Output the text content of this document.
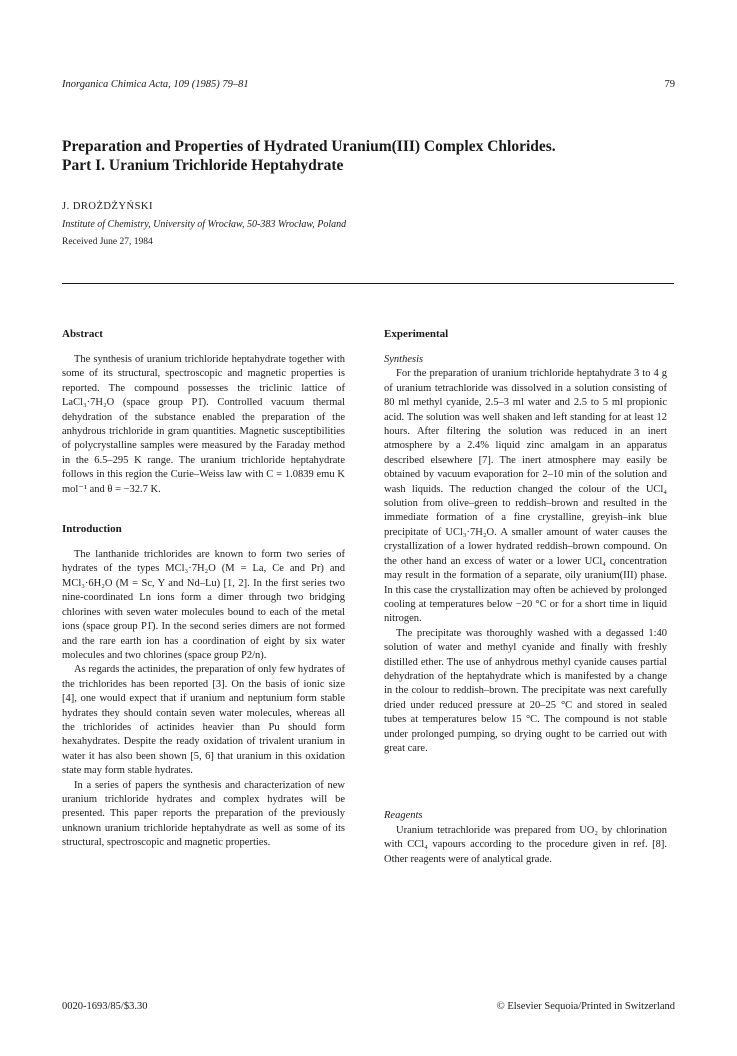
Inorganica Chimica Acta, 109 (1985) 79–81	79
Preparation and Properties of Hydrated Uranium(III) Complex Chlorides.
Part I. Uranium Trichloride Heptahydrate
J. DROŻDŻYŃSKI
Institute of Chemistry, University of Wrocław, 50-383 Wrocław, Poland
Received June 27, 1984
Abstract

The synthesis of uranium trichloride heptahydrate together with some of its structural, spectroscopic and magnetic properties is reported. The compound possesses the triclinic lattice of LaCl₃·7H₂O (space group P1̄). Controlled vacuum thermal dehydration of the substance enabled the preparation of the anhydrous trichloride in gram quantities. Magnetic susceptibilities of polycrystalline samples were measured by the Faraday method in the 6.5–295 K range. The uranium trichloride heptahydrate follows in this region the Curie–Weiss law with C = 1.0839 emu K mol⁻¹ and θ = −32.7 K.

Introduction

The lanthanide trichlorides are known to form two series of hydrates of the types MCl₃·7H₂O (M = La, Ce and Pr) and MCl₃·6H₂O (M = Sc, Y and Nd–Lu) [1, 2]. In the first series two nine-coordinated Ln ions form a dimer through two bridging chlorines with seven water molecules bound to each of the metal ions (space group P1̄). In the second series dimers are not formed and the rare earth ion has a coordination of eight by six water molecules and two chlorines (space group P2/n).

As regards the actinides, the preparation of only few hydrates of the trichlorides has been reported [3]. On the basis of ionic size [4], one would expect that if uranium and neptunium form stable hydrates they should contain seven water molecules, whereas all the trichlorides of actinides heavier than Pu should form hexahydrates. Despite the ready oxidation of trivalent uranium in water it has also been shown [5, 6] that uranium in this oxidation state may form stable hydrates.

In a series of papers the synthesis and characterization of new uranium trichloride hydrates and complex hydrates will be presented. This paper reports the preparation of the previously unknown uranium trichloride heptahydrate as well as some of its structural, spectroscopic and magnetic properties.

Experimental

Synthesis

For the preparation of uranium trichloride heptahydrate 3 to 4 g of uranium tetrachloride was dissolved in a solution consisting of 80 ml methyl cyanide, 2.5–3 ml water and 2.5 to 5 ml propionic acid. The solution was well shaken and left standing for at least 12 hours. After filtering the solution was reduced in an inert atmosphere by a 2.4% liquid zinc amalgam in an apparatus described elsewhere [7]. The inert atmosphere may easily be obtained by vacuum evaporation for 2–10 min of the solution and wash liquids. The reduction changed the colour of the UCl₄ solution from olive–green to reddish–brown and resulted in the immediate formation of a fine crystalline, greyish–ink blue precipitate of UCl₃·7H₂O. A smaller amount of water causes the crystallization of a lower hydrated reddish–brown compound. On the other hand an excess of water or a lower UCl₄ concentration may result in the formation of a separate, oily uranium(III) phase. In this case the crystallization may often be achieved by prolonged cooling at temperatures below −20 °C or for a short time in liquid nitrogen.

The precipitate was thoroughly washed with a degassed 1:40 solution of water and methyl cyanide and finally with freshly distilled ether. The use of anhydrous methyl cyanide causes partial dehydration of the heptahydrate which is manifested by a change in the colour to reddish–brown. The precipitate was next carefully dried under reduced pressure at 20–25 °C and stored in sealed tubes at temperatures below 15 °C. The compound is not stable under prolonged pumping, so drying ought to be carried out with great care.

Reagents

Uranium tetrachloride was prepared from UO₂ by chlorination with CCl₄ vapours according to the procedure given in ref. [8]. Other reagents were of analytical grade.

0020-1693/85/$3.30	© Elsevier Sequoia/Printed in Switzerland
